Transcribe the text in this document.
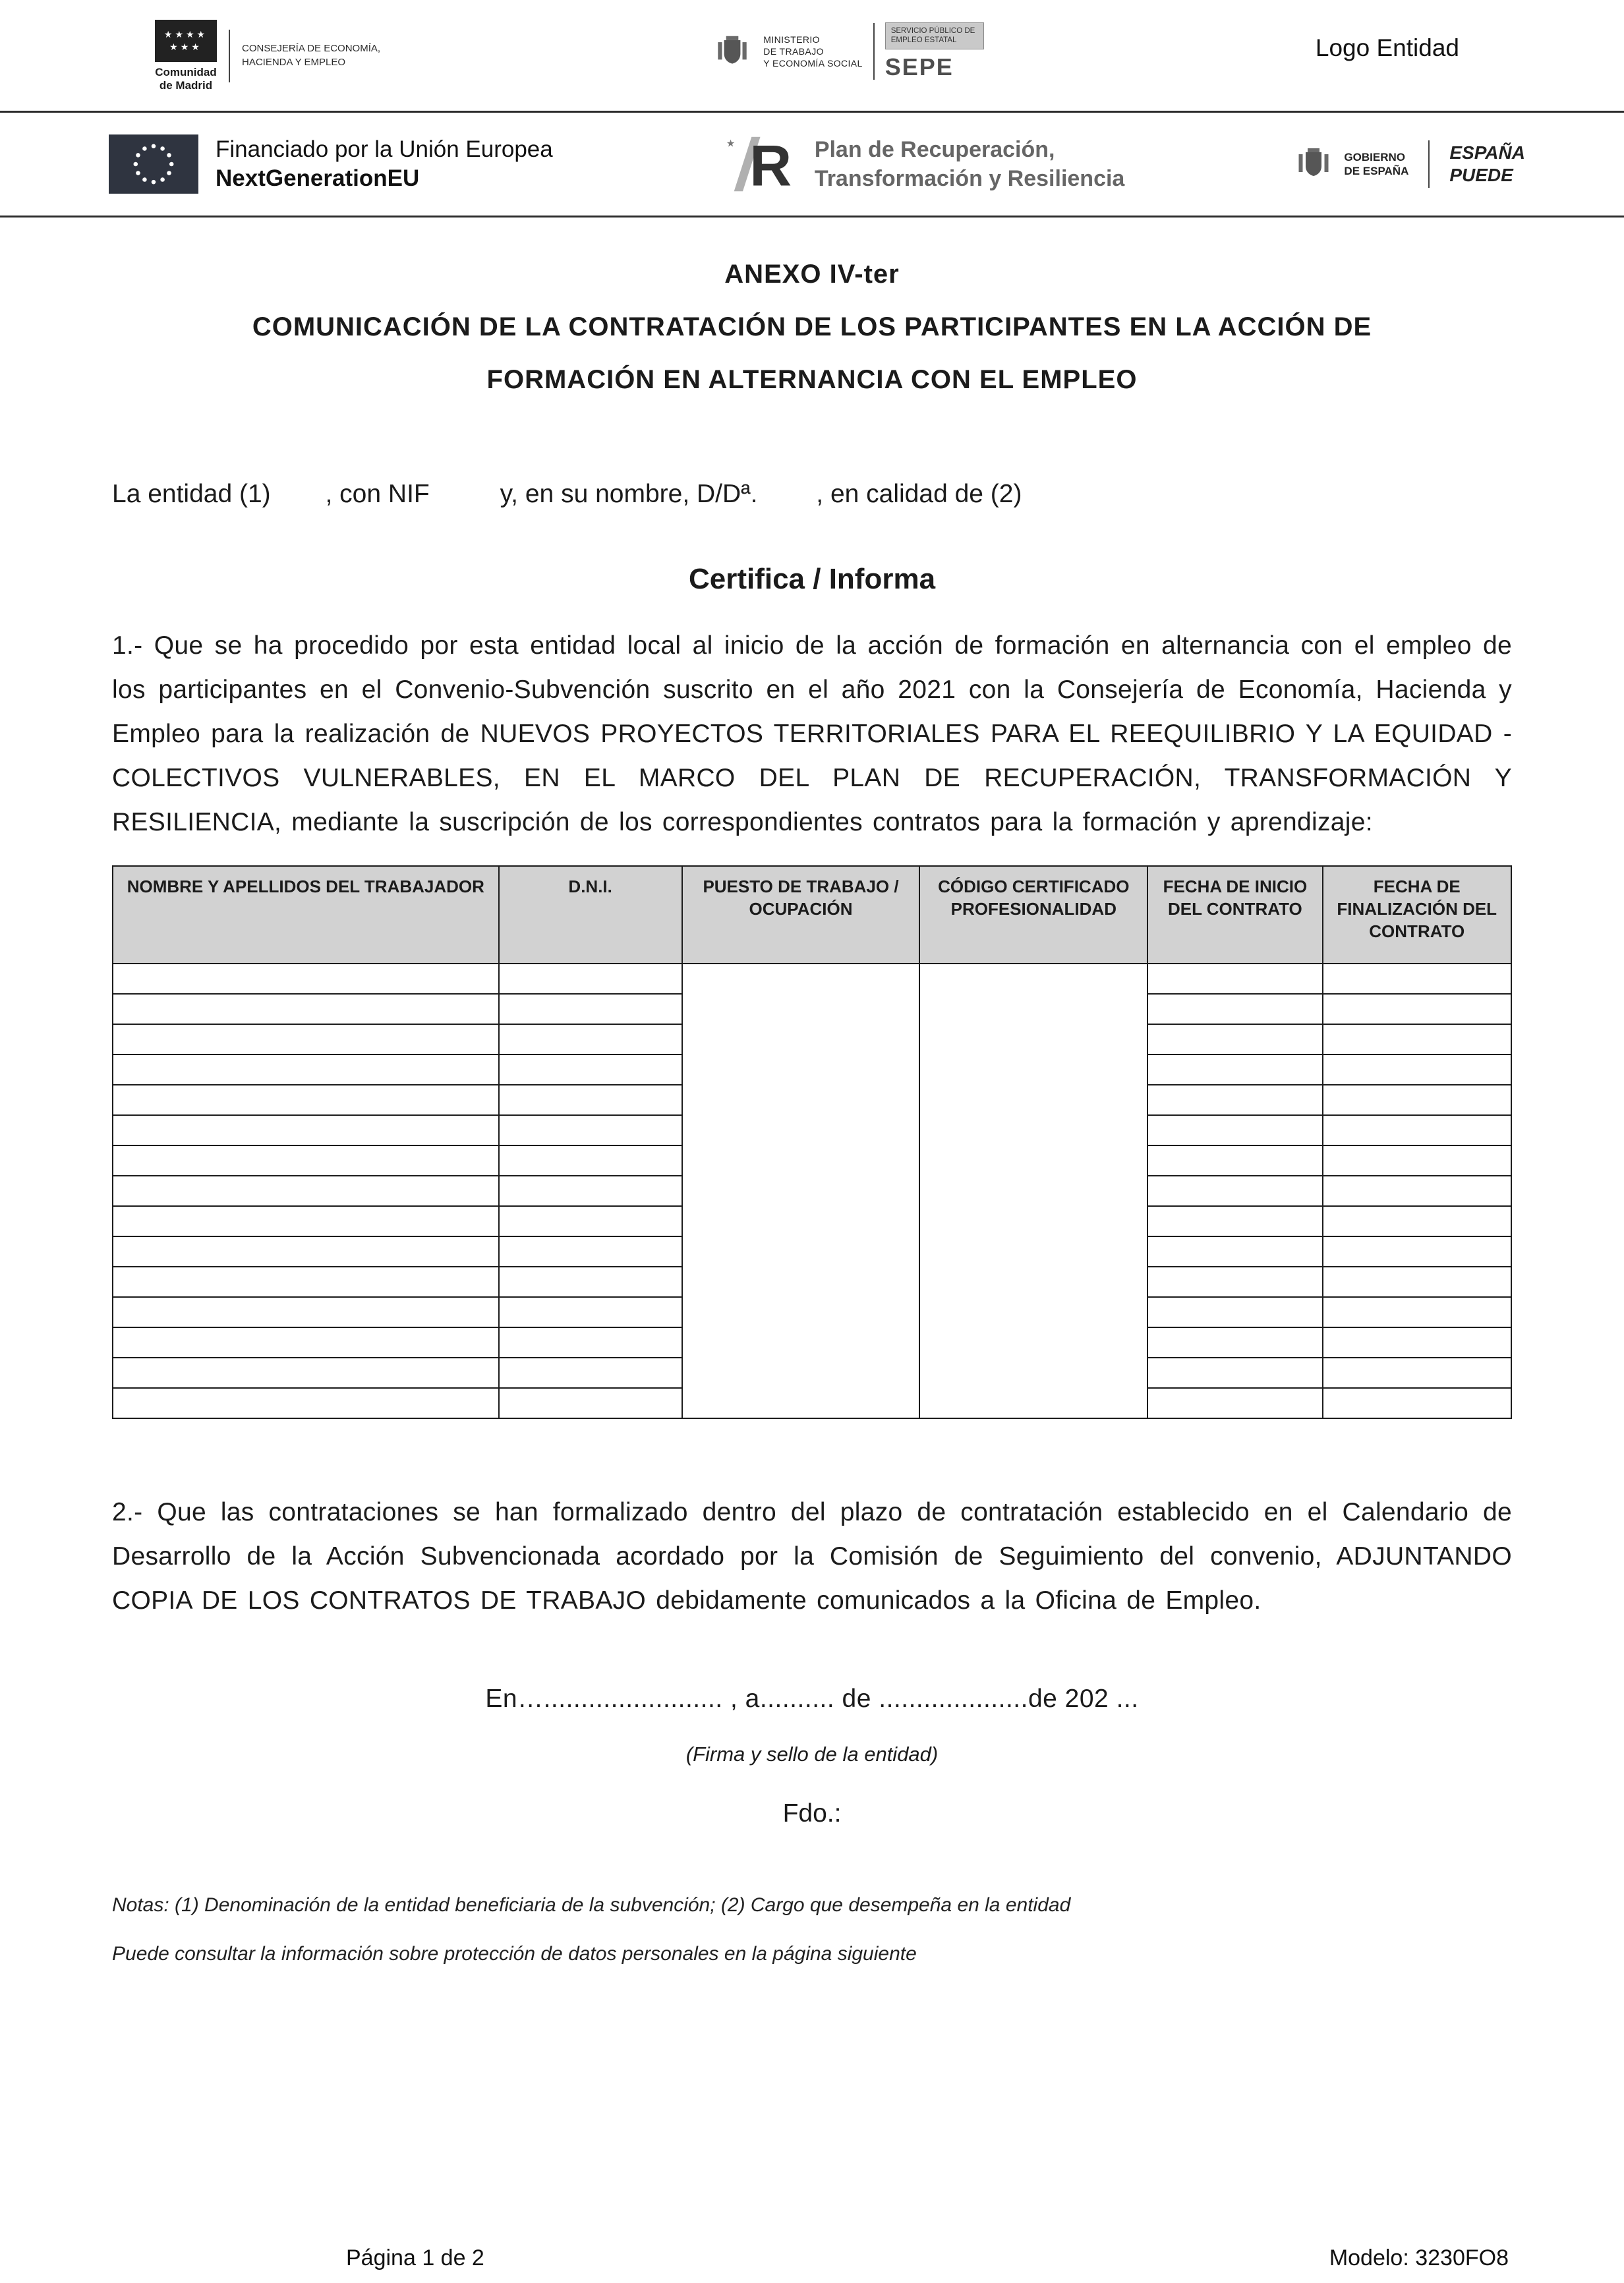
★★★★
★★★
Comunidad
de Madrid
CONSEJERÍA DE ECONOMÍA,
HACIENDA Y EMPLEO
MINISTERIO
DE TRABAJO
Y ECONOMÍA SOCIAL
SERVICIO PÚBLICO DE EMPLEO ESTATAL
SEPE
Logo Entidad
Financiado por la Unión Europea
NextGenerationEU
★ R Plan de Recuperación,
Transformación y Resiliencia
GOBIERNO
DE ESPAÑA
ESPAÑA
PUEDE
ANEXO IV-ter
COMUNICACIÓN DE LA CONTRATACIÓN DE LOS PARTICIPANTES EN LA ACCIÓN DE
FORMACIÓN EN ALTERNANCIA CON EL EMPLEO

La entidad (1) , con NIF	y, en su nombre, D/Dª. , en calidad de (2)

Certifica / Informa

1.- Que se ha procedido por esta entidad local al inicio de la acción de formación en alternancia con el empleo de los participantes en el Convenio-Subvención suscrito en el año 2021 con la Consejería de Economía, Hacienda y Empleo para la realización de NUEVOS PROYECTOS TERRITORIALES PARA EL REEQUILIBRIO Y LA EQUIDAD - COLECTIVOS VULNERABLES, EN EL MARCO DEL PLAN DE RECUPERACIÓN, TRANSFORMACIÓN Y RESILIENCIA, mediante la suscripción de los correspondientes contratos para la formación y aprendizaje:

NOMBRE Y APELLIDOS DEL TRABAJADOR	D.N.I.	PUESTO DE TRABAJO / OCUPACIÓN	CÓDIGO CERTIFICADO PROFESIONALIDAD	FECHA DE INICIO DEL CONTRATO	FECHA DE FINALIZACIÓN DEL CONTRATO

2.- Que las contrataciones se han formalizado dentro del plazo de contratación establecido en el Calendario de Desarrollo de la Acción Subvencionada acordado por la Comisión de Seguimiento del convenio, ADJUNTANDO COPIA DE LOS CONTRATOS DE TRABAJO debidamente comunicados a la Oficina de Empleo.

En…........................ , a.......... de ....................de 202 ...
(Firma y sello de la entidad)
Fdo.:
Notas: (1) Denominación de la entidad beneficiaria de la subvención; (2) Cargo que desempeña en la entidad
Puede consultar la información sobre protección de datos personales en la página siguiente
Página 1 de 2	Modelo: 3230FO8
